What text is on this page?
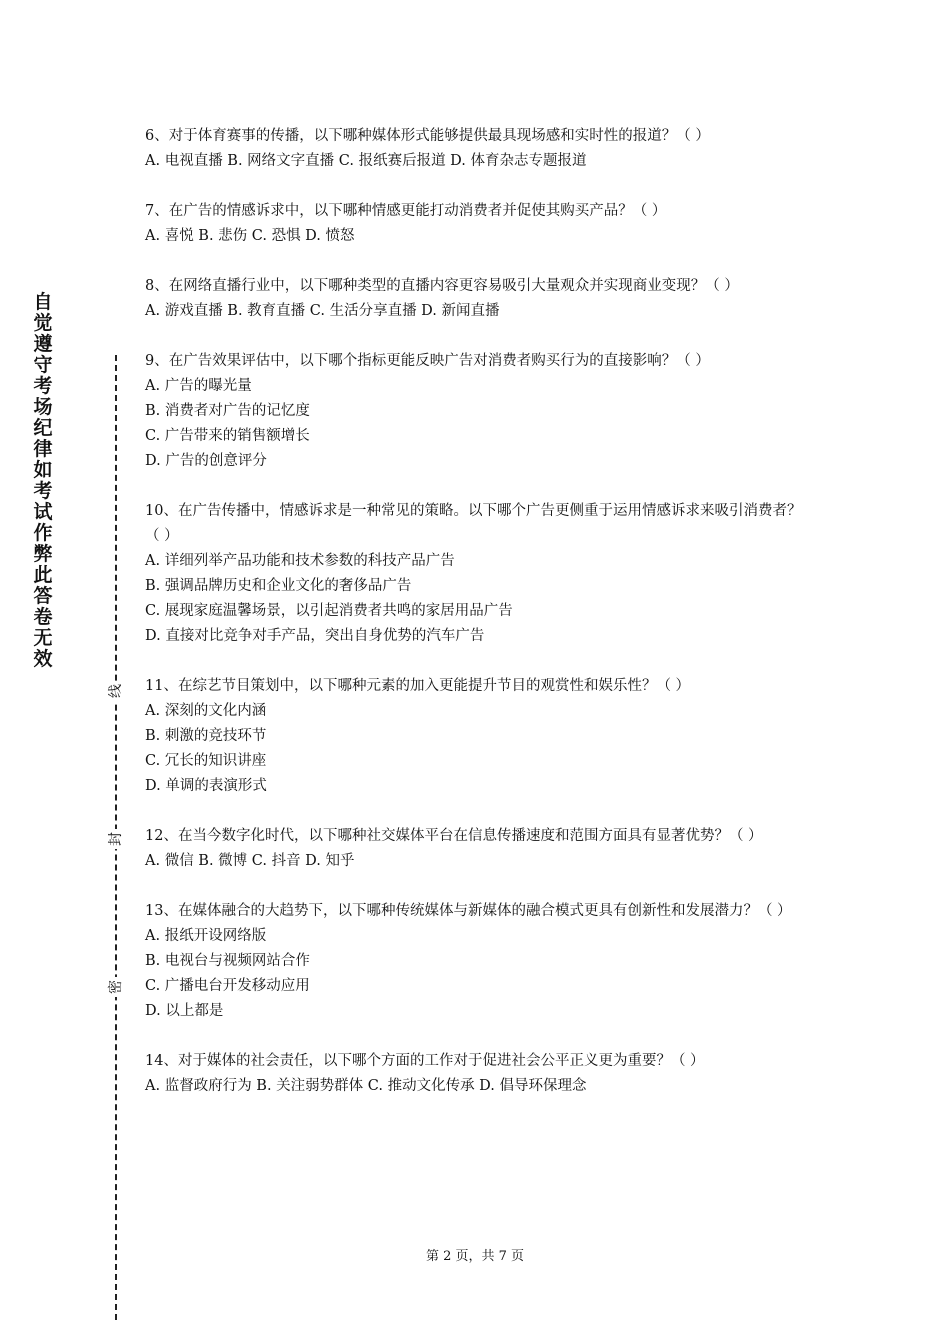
自觉遵守考场纪律如考试作弊此答卷无效
线
封
密
6、对于体育赛事的传播，以下哪种媒体形式能够提供最具现场感和实时性的报道？（ ）
A. 电视直播 B. 网络文字直播 C. 报纸赛后报道 D. 体育杂志专题报道
7、在广告的情感诉求中，以下哪种情感更能打动消费者并促使其购买产品？（ ）
A. 喜悦 B. 悲伤 C. 恐惧 D. 愤怒
8、在网络直播行业中，以下哪种类型的直播内容更容易吸引大量观众并实现商业变现？（ ）
A. 游戏直播 B. 教育直播 C. 生活分享直播 D. 新闻直播
9、在广告效果评估中，以下哪个指标更能反映广告对消费者购买行为的直接影响？（ ）
A. 广告的曝光量
B. 消费者对广告的记忆度
C. 广告带来的销售额增长
D. 广告的创意评分
10、在广告传播中，情感诉求是一种常见的策略。以下哪个广告更侧重于运用情感诉求来吸引消费者？（ ）
A. 详细列举产品功能和技术参数的科技产品广告
B. 强调品牌历史和企业文化的奢侈品广告
C. 展现家庭温馨场景，以引起消费者共鸣的家居用品广告
D. 直接对比竞争对手产品，突出自身优势的汽车广告
11、在综艺节目策划中，以下哪种元素的加入更能提升节目的观赏性和娱乐性？（ ）
A. 深刻的文化内涵
B. 刺激的竞技环节
C. 冗长的知识讲座
D. 单调的表演形式
12、在当今数字化时代，以下哪种社交媒体平台在信息传播速度和范围方面具有显著优势？（ ）
A. 微信 B. 微博 C. 抖音 D. 知乎
13、在媒体融合的大趋势下，以下哪种传统媒体与新媒体的融合模式更具有创新性和发展潜力？（ ）
A. 报纸开设网络版
B. 电视台与视频网站合作
C. 广播电台开发移动应用
D. 以上都是
14、对于媒体的社会责任，以下哪个方面的工作对于促进社会公平正义更为重要？（ ）
A. 监督政府行为 B. 关注弱势群体 C. 推动文化传承 D. 倡导环保理念
第 2 页，共 7 页
